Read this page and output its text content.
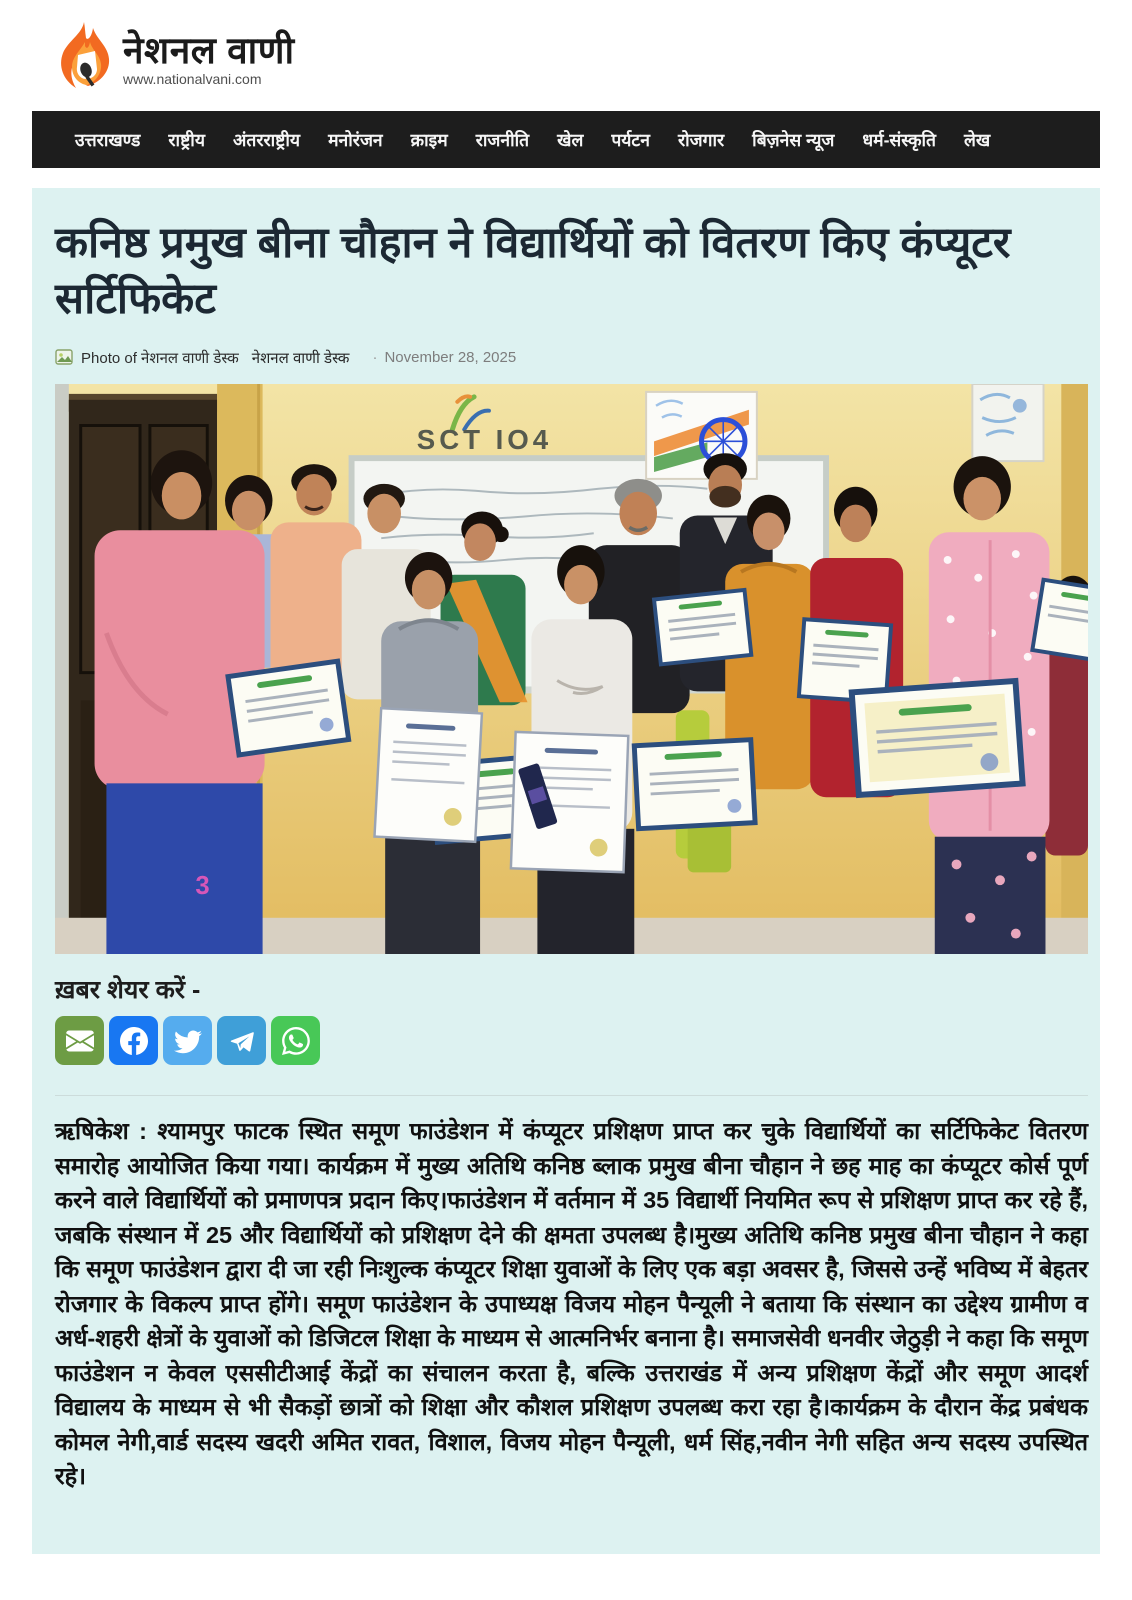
नेशनल वाणी
www.nationalvani.com
उत्तराखण्ड राष्ट्रीय अंतरराष्ट्रीय मनोरंजन क्राइम राजनीति खेल पर्यटन रोजगार बिज़नेस न्यूज धर्म-संस्कृति लेख
कनिष्ठ प्रमुख बीना चौहान ने विद्यार्थियों को वितरण किए कंप्यूटर सर्टिफिकेट
Photo of नेशनल वाणी डेस्क नेशनल वाणी डेस्क · November 28, 2025
SCT IO4
3
ख़बर शेयर करें -

ऋषिकेश : श्यामपुर फाटक स्थित समूण फाउंडेशन में कंप्यूटर प्रशिक्षण प्राप्त कर चुके विद्यार्थियों का सर्टिफिकेट वितरण समारोह आयोजित किया गया। कार्यक्रम में मुख्य अतिथि कनिष्ठ ब्लाक प्रमुख बीना चौहान ने छह माह का कंप्यूटर कोर्स पूर्ण करने वाले विद्यार्थियों को प्रमाणपत्र प्रदान किए।फाउंडेशन में वर्तमान में 35 विद्यार्थी नियमित रूप से प्रशिक्षण प्राप्त कर रहे हैं, जबकि संस्थान में 25 और विद्यार्थियों को प्रशिक्षण देने की क्षमता उपलब्ध है।मुख्य अतिथि कनिष्ठ प्रमुख बीना चौहान ने कहा कि समूण फाउंडेशन द्वारा दी जा रही निःशुल्क कंप्यूटर शिक्षा युवाओं के लिए एक बड़ा अवसर है, जिससे उन्हें भविष्य में बेहतर रोजगार के विकल्प प्राप्त होंगे। समूण फाउंडेशन के उपाध्यक्ष विजय मोहन पैन्यूली ने बताया कि संस्थान का उद्देश्य ग्रामीण व अर्ध-शहरी क्षेत्रों के युवाओं को डिजिटल शिक्षा के माध्यम से आत्मनिर्भर बनाना है। समाजसेवी धनवीर जेठुड़ी ने कहा कि समूण फाउंडेशन न केवल एससीटीआई केंद्रों का संचालन करता है, बल्कि उत्तराखंड में अन्य प्रशिक्षण केंद्रों और समूण आदर्श विद्यालय के माध्यम से भी सैकड़ों छात्रों को शिक्षा और कौशल प्रशिक्षण उपलब्ध करा रहा है।कार्यक्रम के दौरान केंद्र प्रबंधक कोमल नेगी,वार्ड सदस्य खदरी अमित रावत, विशाल, विजय मोहन पैन्यूली, धर्म सिंह,नवीन नेगी सहित अन्य सदस्य उपस्थित रहे।
